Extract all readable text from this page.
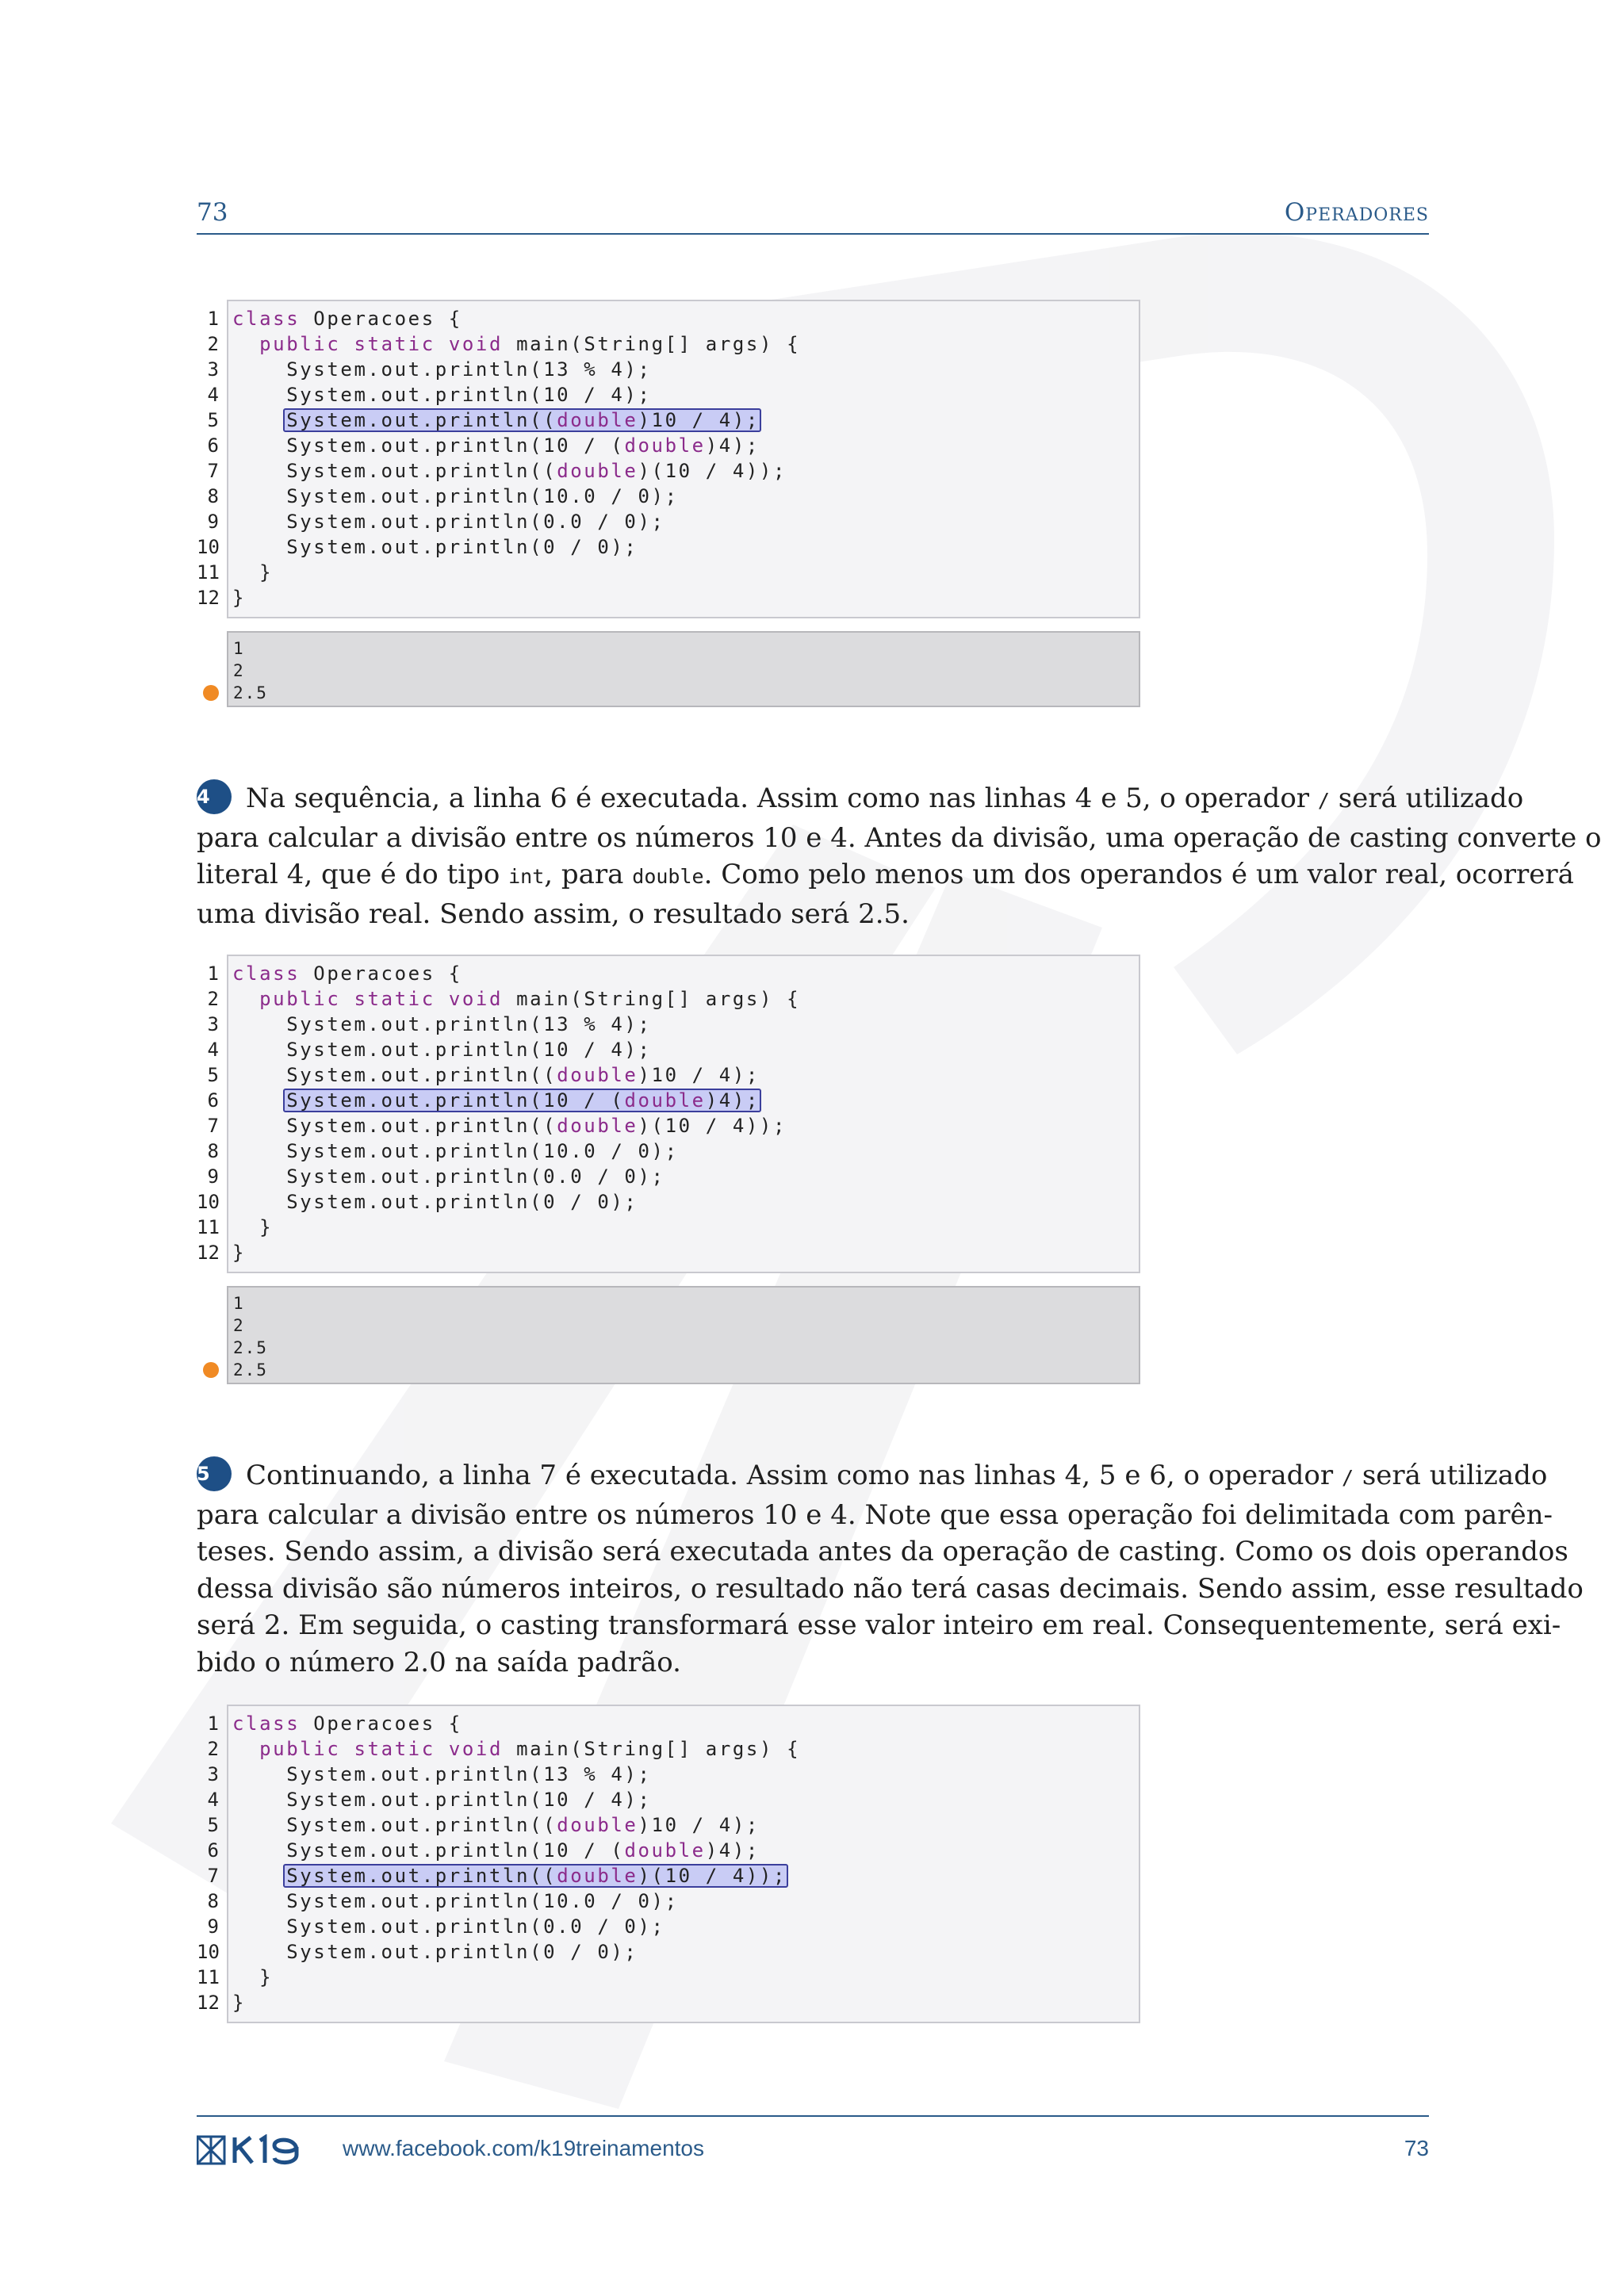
73	Operadores
1 class Operacoes {
2	public static void main(String[] args) {
3 System.out.println(13 % 4);
4 System.out.println(10 / 4);
5 System.out.println((double)10 / 4);
6 System.out.println(10 / (double)4);
7 System.out.println((double)(10 / 4));
8 System.out.println(10.0 / 0);
9 System.out.println(0.0 / 0);
10 System.out.println(0 / 0);
11 }
12 }
1
2
2.5
4 Na sequência, a linha 6 é executada. Assim como nas linhas 4 e 5, o operador / será utilizado
para calcular a divisão entre os números 10 e 4. Antes da divisão, uma operação de casting converte o
literal 4, que é do tipo int, para double. Como pelo menos um dos operandos é um valor real, ocorrerá
uma divisão real. Sendo assim, o resultado será 2.5.
1 class Operacoes {
2	public static void main(String[] args) {
3 System.out.println(13 % 4);
4 System.out.println(10 / 4);
5 System.out.println((double)10 / 4);
6 System.out.println(10 / (double)4);
7 System.out.println((double)(10 / 4));
8 System.out.println(10.0 / 0);
9 System.out.println(0.0 / 0);
10 System.out.println(0 / 0);
11 }
12 }
1
2
2.5
2.5
5 Continuando, a linha 7 é executada. Assim como nas linhas 4, 5 e 6, o operador / será utilizado
para calcular a divisão entre os números 10 e 4. Note que essa operação foi delimitada com parên-
teses. Sendo assim, a divisão será executada antes da operação de casting. Como os dois operandos
dessa divisão são números inteiros, o resultado não terá casas decimais. Sendo assim, esse resultado
será 2. Em seguida, o casting transformará esse valor inteiro em real. Consequentemente, será exi-
bido o número 2.0 na saída padrão.
1 class Operacoes {
2	public static void main(String[] args) {
3 System.out.println(13 % 4);
4 System.out.println(10 / 4);
5 System.out.println((double)10 / 4);
6 System.out.println(10 / (double)4);
7 System.out.println((double)(10 / 4));
8 System.out.println(10.0 / 0);
9 System.out.println(0.0 / 0);
10 System.out.println(0 / 0);
11 }
12 }
www.facebook.com/k19treinamentos	73
